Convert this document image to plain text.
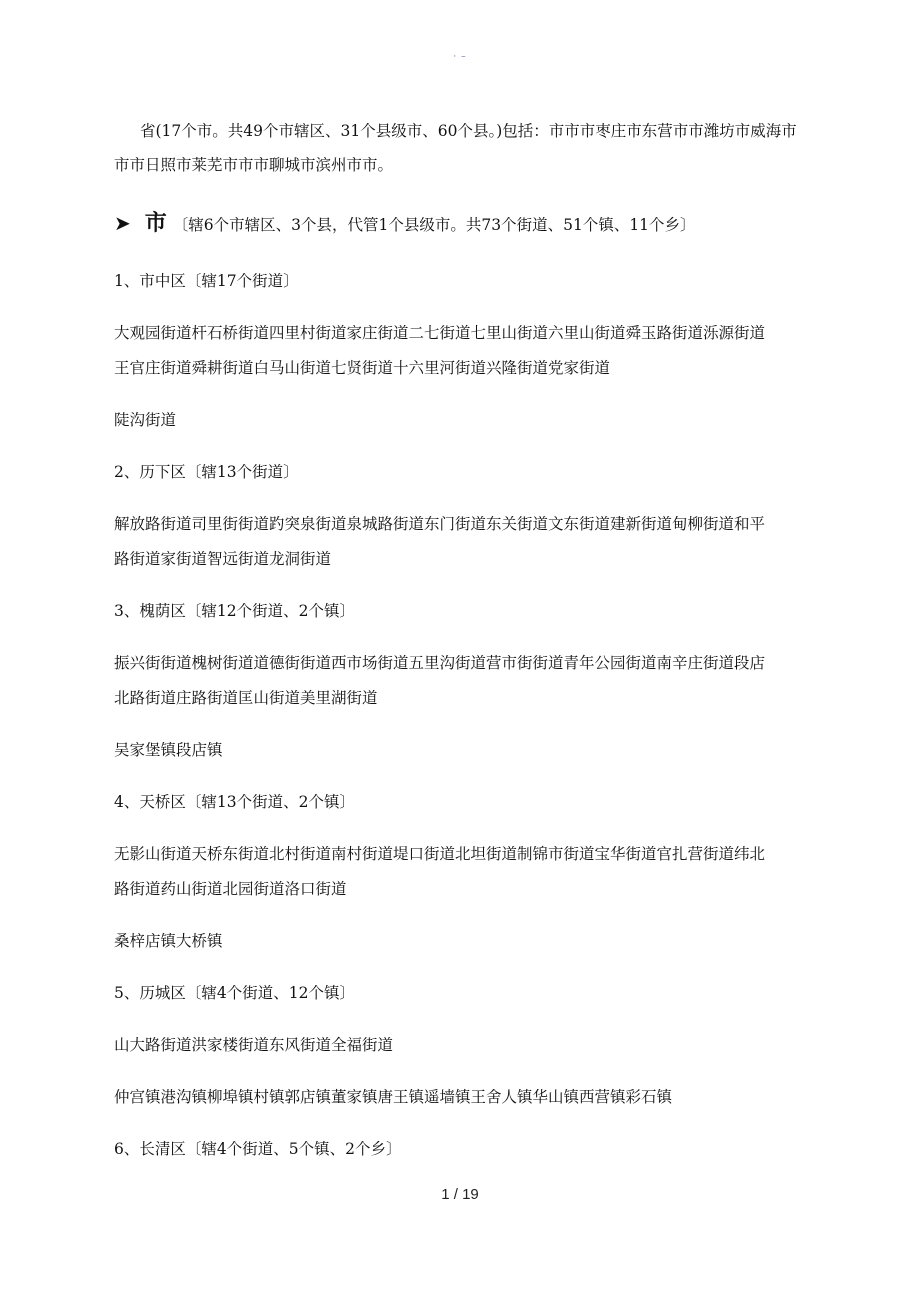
· –

省(17个市。共49个市辖区、31个县级市、60个县。)包括：市市市枣庄市东营市市潍坊市威海市市市日照市莱芜市市市聊城市滨州市市。

➤ 市 〔辖6个市辖区、3个县，代管1个县级市。共73个街道、51个镇、11个乡〕

1、市中区〔辖17个街道〕

大观园街道杆石桥街道四里村街道家庄街道二七街道七里山街道六里山街道舜玉路街道泺源街道

王官庄街道舜耕街道白马山街道七贤街道十六里河街道兴隆街道党家街道

陡沟街道

2、历下区〔辖13个街道〕

解放路街道司里街街道趵突泉街道泉城路街道东门街道东关街道文东街道建新街道甸柳街道和平

路街道家街道智远街道龙洞街道

3、槐荫区〔辖12个街道、2个镇〕

振兴街街道槐树街道道德街街道西市场街道五里沟街道营市街街道青年公园街道南辛庄街道段店

北路街道庄路街道匡山街道美里湖街道

吴家堡镇段店镇

4、天桥区〔辖13个街道、2个镇〕

无影山街道天桥东街道北村街道南村街道堤口街道北坦街道制锦市街道宝华街道官扎营街道纬北

路街道药山街道北园街道洛口街道

桑梓店镇大桥镇

5、历城区〔辖4个街道、12个镇〕

山大路街道洪家楼街道东风街道全福街道

仲宫镇港沟镇柳埠镇村镇郭店镇董家镇唐王镇遥墙镇王舍人镇华山镇西营镇彩石镇

6、长清区〔辖4个街道、5个镇、2个乡〕

1 / 19
